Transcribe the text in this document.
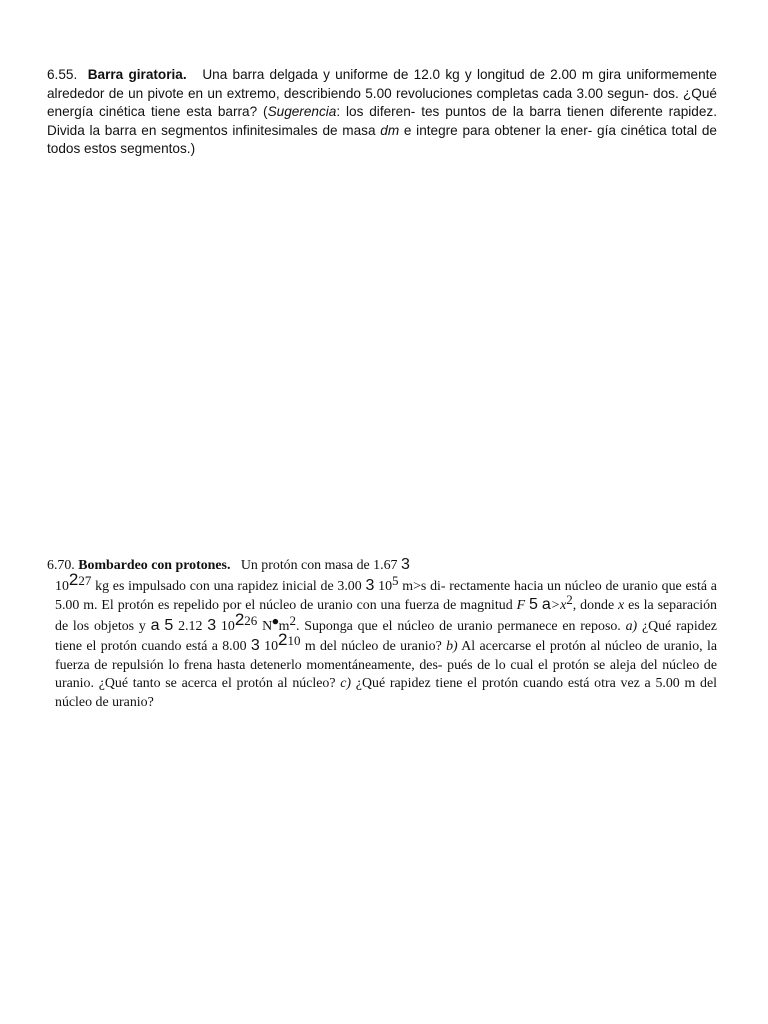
6.55. Barra giratoria. Una barra delgada y uniforme de 12.0 kg y longitud de 2.00 m gira uniformemente alrededor de un pivote en un extremo, describiendo 5.00 revoluciones completas cada 3.00 segun- dos. ¿Qué energía cinética tiene esta barra? (Sugerencia: los diferen- tes puntos de la barra tienen diferente rapidez. Divida la barra en segmentos infinitesimales de masa dm e integre para obtener la ener- gía cinética total de todos estos segmentos.)
6.70. Bombardeo con protones. Un protón con masa de 1.67 3
10227 kg es impulsado con una rapidez inicial de 3.00 3 105 m>s di- rectamente hacia un núcleo de uranio que está a 5.00 m. El protón es repelido por el núcleo de uranio con una fuerza de magnitud F 5 a>x2, donde x es la separación de los objetos y a 5 2.12 3 10226 N⦁m2. Suponga que el núcleo de uranio permanece en reposo. a) ¿Qué rapidez tiene el protón cuando está a 8.00 3 10210 m del núcleo de uranio? b) Al acercarse el protón al núcleo de uranio, la fuerza de repulsión lo frena hasta detenerlo momentáneamente, des- pués de lo cual el protón se aleja del núcleo de uranio. ¿Qué tanto se acerca el protón al núcleo? c) ¿Qué rapidez tiene el protón cuando está otra vez a 5.00 m del núcleo de uranio?
